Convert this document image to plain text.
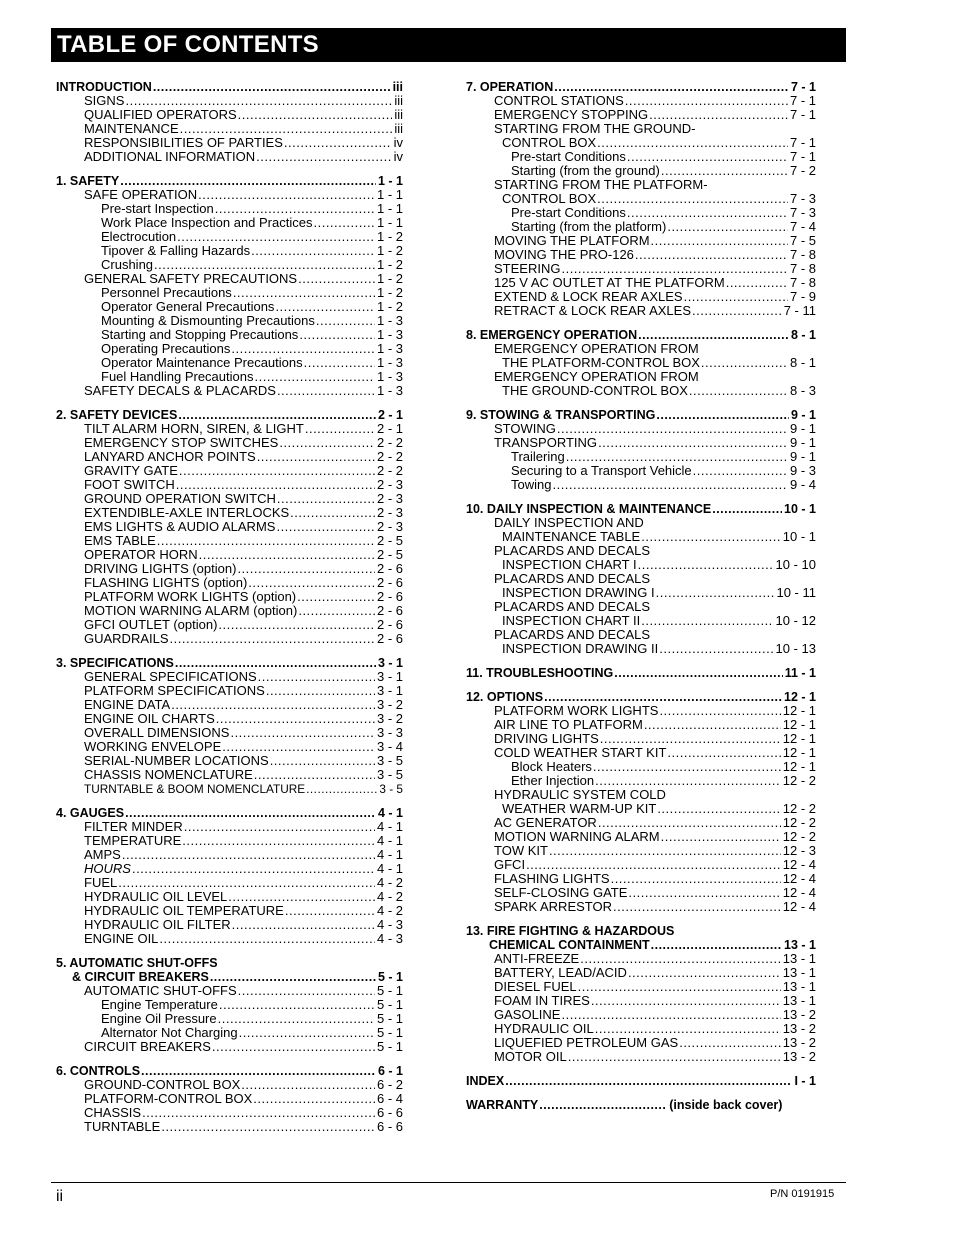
TABLE OF CONTENTS
INTRODUCTION .....	iii
SIGNS .....	iii
QUALIFIED OPERATORS .....	iii
MAINTENANCE .....	iii
RESPONSIBILITIES OF PARTIES .....	iv
ADDITIONAL INFORMATION .....	iv
1. SAFETY .....	1 - 1
SAFE OPERATION .....	1 - 1
Pre-start Inspection .....	1 - 1
Work Place Inspection and Practices .....	1 - 1
Electrocution .....	1 - 2
Tipover & Falling Hazards .....	1 - 2
Crushing .....	1 - 2
GENERAL SAFETY PRECAUTIONS .....	1 - 2
Personnel Precautions .....	1 - 2
Operator General Precautions .....	1 - 2
Mounting & Dismounting Precautions .....	1 - 3
Starting and Stopping Precautions .....	1 - 3
Operating Precautions .....	1 - 3
Operator Maintenance Precautions .....	1 - 3
Fuel Handling Precautions .....	1 - 3
SAFETY DECALS & PLACARDS .....	1 - 3
2. SAFETY DEVICES .....	2 - 1
TILT ALARM HORN, SIREN, & LIGHT .....	2 - 1
EMERGENCY STOP SWITCHES .....	2 - 2
LANYARD ANCHOR POINTS .....	2 - 2
GRAVITY GATE .....	2 - 2
FOOT SWITCH .....	2 - 3
GROUND OPERATION SWITCH .....	2 - 3
EXTENDIBLE-AXLE INTERLOCKS .....	2 - 3
EMS LIGHTS & AUDIO ALARMS .....	2 - 3
EMS TABLE .....	2 - 5
OPERATOR HORN .....	2 - 5
DRIVING LIGHTS (option) .....	2 - 6
FLASHING LIGHTS (option) .....	2 - 6
PLATFORM WORK LIGHTS (option) .....	2 - 6
MOTION WARNING ALARM (option) .....	2 - 6
GFCI OUTLET (option) .....	2 - 6
GUARDRAILS .....	2 - 6
3. SPECIFICATIONS .....	3 - 1
GENERAL SPECIFICATIONS .....	3 - 1
PLATFORM SPECIFICATIONS .....	3 - 1
ENGINE DATA .....	3 - 2
ENGINE OIL CHARTS .....	3 - 2
OVERALL DIMENSIONS .....	3 - 3
WORKING ENVELOPE .....	3 - 4
SERIAL-NUMBER LOCATIONS .....	3 - 5
CHASSIS NOMENCLATURE .....	3 - 5
TURNTABLE & BOOM NOMENCLATURE .....	3 - 5
4. GAUGES .....	4 - 1
FILTER MINDER .....	4 - 1
TEMPERATURE .....	4 - 1
AMPS .....	4 - 1
HOURS .....	4 - 1
FUEL .....	4 - 2
HYDRAULIC OIL LEVEL .....	4 - 2
HYDRAULIC OIL TEMPERATURE .....	4 - 2
HYDRAULIC OIL FILTER .....	4 - 3
ENGINE OIL .....	4 - 3
5. AUTOMATIC SHUT-OFFS
& CIRCUIT BREAKERS .....	5 - 1
AUTOMATIC SHUT-OFFS .....	5 - 1
Engine Temperature .....	5 - 1
Engine Oil Pressure .....	5 - 1
Alternator Not Charging .....	5 - 1
CIRCUIT BREAKERS .....	5 - 1
6. CONTROLS .....	6 - 1
GROUND-CONTROL BOX .....	6 - 2
PLATFORM-CONTROL BOX .....	6 - 4
CHASSIS .....	6 - 6
TURNTABLE .....	6 - 6
7. OPERATION .....	7 - 1
CONTROL STATIONS .....	7 - 1
EMERGENCY STOPPING .....	7 - 1
STARTING FROM THE GROUND-
CONTROL BOX .....	7 - 1
Pre-start Conditions .....	7 - 1
Starting (from the ground) .....	7 - 2
STARTING FROM THE PLATFORM-
CONTROL BOX .....	7 - 3
Pre-start Conditions .....	7 - 3
Starting (from the platform) .....	7 - 4
MOVING THE PLATFORM .....	7 - 5
MOVING THE PRO-126 .....	7 - 8
STEERING .....	7 - 8
125 V AC OUTLET AT THE PLATFORM .....	7 - 8
EXTEND & LOCK REAR AXLES .....	7 - 9
RETRACT & LOCK REAR AXLES .....	7 - 11
8. EMERGENCY OPERATION .....	8 - 1
EMERGENCY OPERATION FROM
THE PLATFORM-CONTROL BOX .....	8 - 1
EMERGENCY OPERATION FROM
THE GROUND-CONTROL BOX .....	8 - 3
9. STOWING & TRANSPORTING .....	9 - 1
STOWING .....	9 - 1
TRANSPORTING .....	9 - 1
Trailering .....	9 - 1
Securing to a Transport Vehicle .....	9 - 3
Towing .....	9 - 4
10. DAILY INSPECTION & MAINTENANCE .....	10 - 1
DAILY INSPECTION AND
MAINTENANCE TABLE .....	10 - 1
PLACARDS AND DECALS
INSPECTION CHART I .....	10 - 10
PLACARDS AND DECALS
INSPECTION DRAWING I .....	10 - 11
PLACARDS AND DECALS
INSPECTION CHART II .....	10 - 12
PLACARDS AND DECALS
INSPECTION DRAWING II .....	10 - 13
11. TROUBLESHOOTING .....	11 - 1
12. OPTIONS .....	12 - 1
PLATFORM WORK LIGHTS .....	12 - 1
AIR LINE TO PLATFORM .....	12 - 1
DRIVING LIGHTS .....	12 - 1
COLD WEATHER START KIT .....	12 - 1
Block Heaters .....	12 - 1
Ether Injection .....	12 - 2
HYDRAULIC SYSTEM COLD
WEATHER WARM-UP KIT .....	12 - 2
AC GENERATOR .....	12 - 2
MOTION WARNING ALARM .....	12 - 2
TOW KIT .....	12 - 3
GFCI .....	12 - 4
FLASHING LIGHTS .....	12 - 4
SELF-CLOSING GATE .....	12 - 4
SPARK ARRESTOR .....	12 - 4
13. FIRE FIGHTING & HAZARDOUS
CHEMICAL CONTAINMENT .....	13 - 1
ANTI-FREEZE .....	13 - 1
BATTERY, LEAD/ACID .....	13 - 1
DIESEL FUEL .....	13 - 1
FOAM IN TIRES .....	13 - 1
GASOLINE .....	13 - 2
HYDRAULIC OIL .....	13 - 2
LIQUEFIED PETROLEUM GAS .....	13 - 2
MOTOR OIL .....	13 - 2
INDEX .....	I - 1
WARRANTY .....	(inside back cover)
ii	P/N 0191915
